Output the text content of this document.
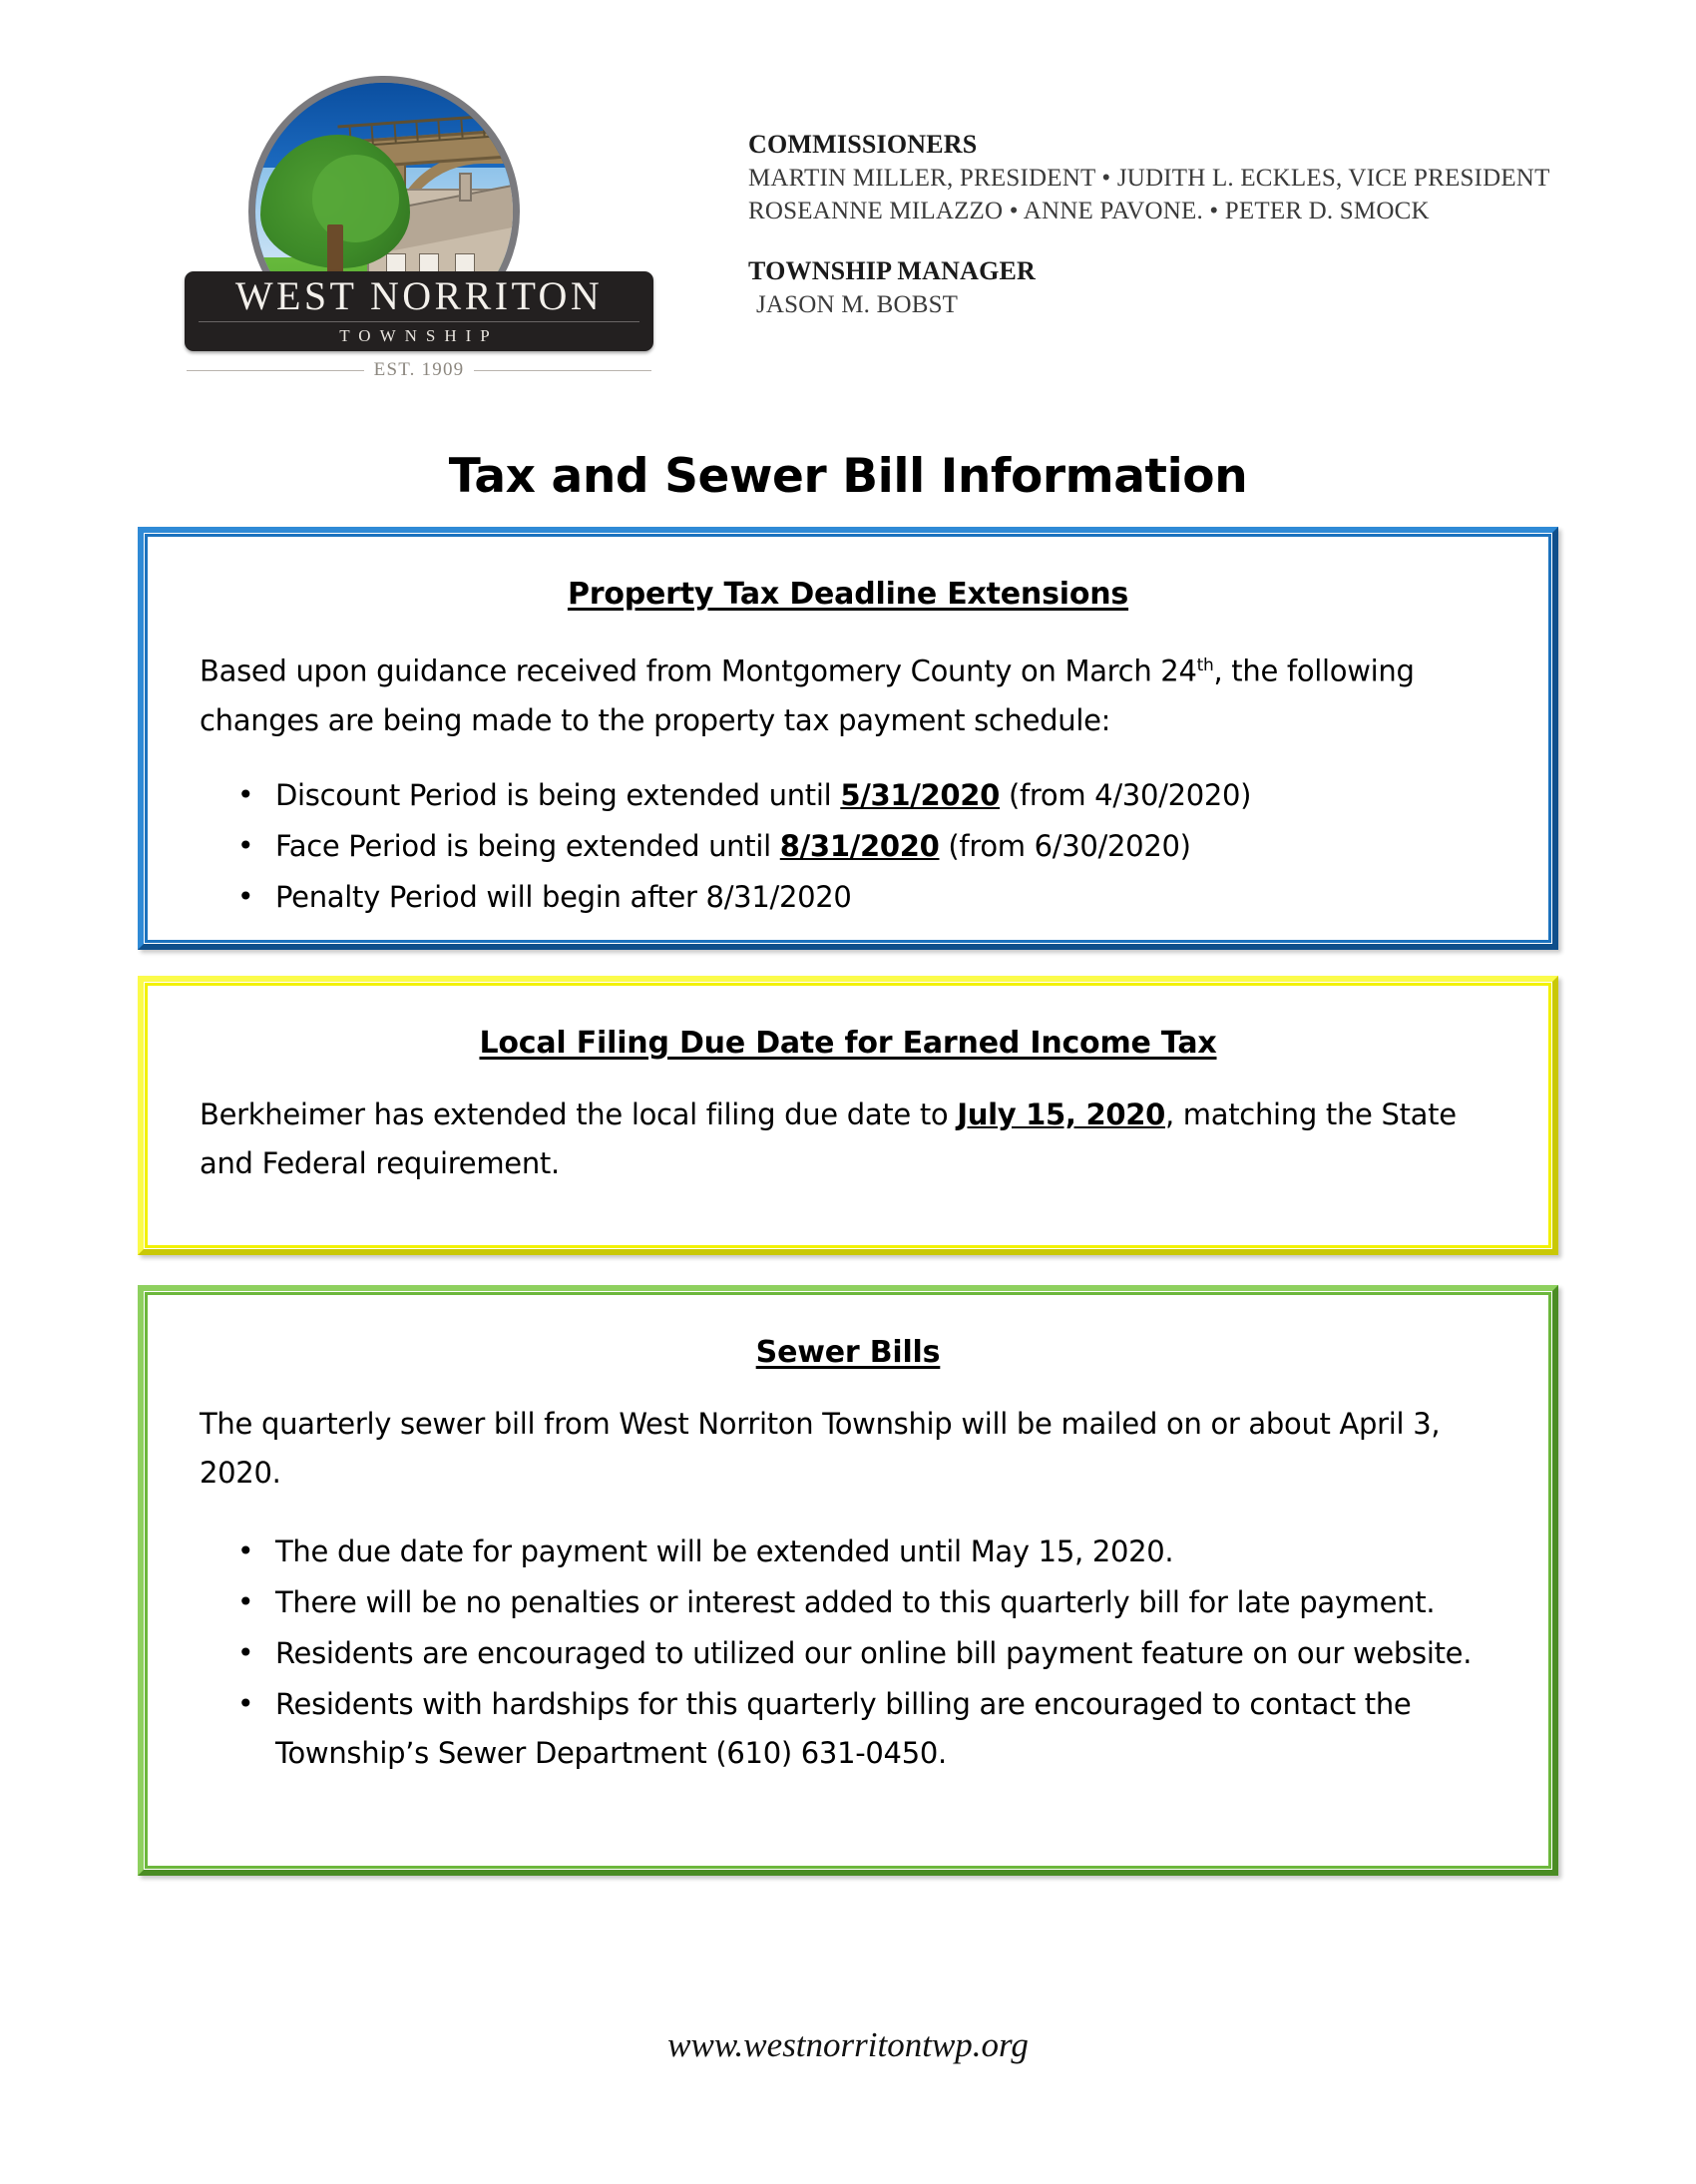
WEST NORRITON
TOWNSHIP
EST. 1909
COMMISSIONERS
MARTIN MILLER, PRESIDENT • JUDITH L. ECKLES, VICE PRESIDENT
ROSEANNE MILAZZO • ANNE PAVONE. • PETER D. SMOCK
TOWNSHIP MANAGER
JASON M. BOBST
Tax and Sewer Bill Information
Property Tax Deadline Extensions

Based upon guidance received from Montgomery County on March 24th, the following changes are being made to the property tax payment schedule:

• Discount Period is being extended until 5/31/2020 (from 4/30/2020)
• Face Period is being extended until 8/31/2020 (from 6/30/2020)
• Penalty Period will begin after 8/31/2020
Local Filing Due Date for Earned Income Tax

Berkheimer has extended the local filing due date to July 15, 2020, matching the State and Federal requirement.

Sewer Bills

The quarterly sewer bill from West Norriton Township will be mailed on or about April 3, 2020.

• The due date for payment will be extended until May 15, 2020.
• There will be no penalties or interest added to this quarterly bill for late payment.
• Residents are encouraged to utilized our online bill payment feature on our website.
• Residents with hardships for this quarterly billing are encouraged to contact the Township’s Sewer Department (610) 631-0450.
www.westnorritontwp.org
